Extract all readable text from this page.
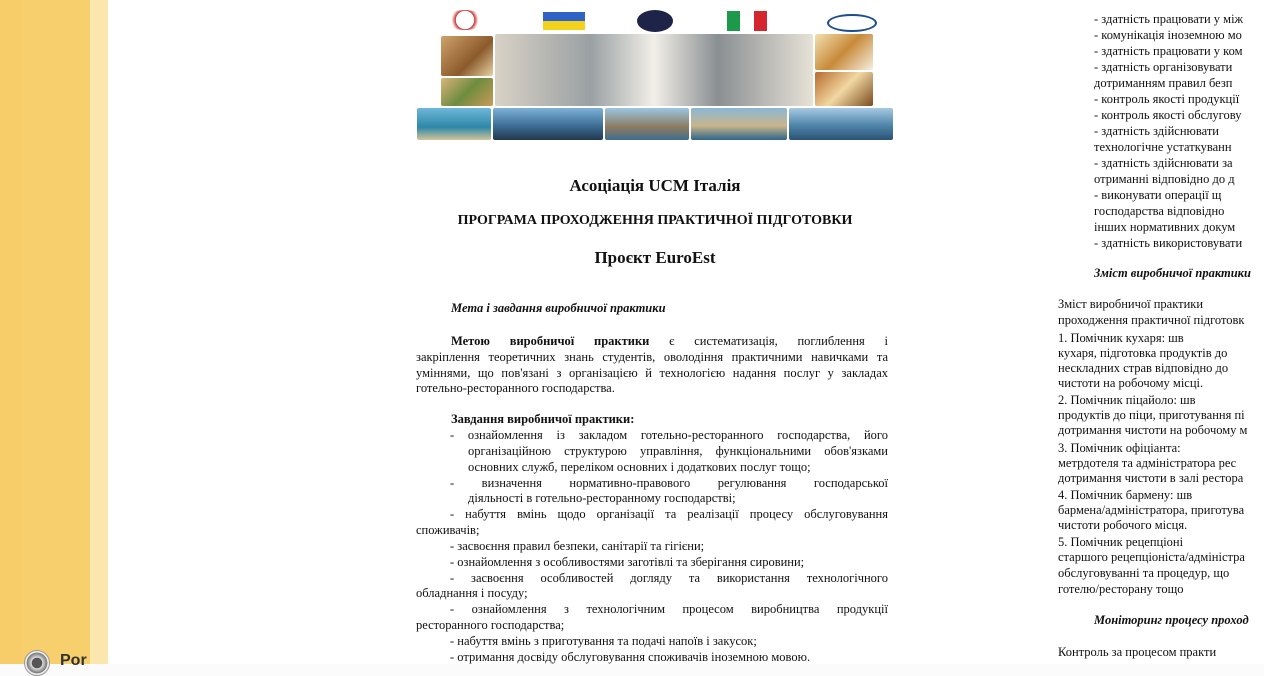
Асоціація UCM Італія
ПРОГРАМА ПРОХОДЖЕННЯ ПРАКТИЧНОЇ ПІДГОТОВКИ
Проєкт EuroEst
Мета і завдання виробничої практики
Метою виробничої практики є систематизація, поглиблення і
закріплення теоретичних знань студентів, оволодіння практичними навичками та
уміннями, що пов'язані з організацією й технологією надання послуг у закладах
готельно-ресторанного господарства.
Завдання виробничої практики:
- ознайомлення із закладом готельно-ресторанного господарства, його
організаційною структурою управління, функціональними обов'язками
основних служб, переліком основних і додаткових послуг тощо;
- визначення нормативно-правового регулювання господарської
діяльності в готельно-ресторанному господарстві;
- набуття вмінь щодо організації та реалізації процесу обслуговування
споживачів;
- засвоєння правил безпеки, санітарії та гігієни;
- ознайомлення з особливостями заготівлі та зберігання сировини;
- засвоєння особливостей догляду та використання технологічного
обладнання і посуду;
- ознайомлення з технологічним процесом виробництва продукції
ресторанного господарства;
- набуття вмінь з приготування та подачі напоїв і закусок;
- отримання досвіду обслуговування споживачів іноземною мовою.
- здатність працювати у між
- комунікація іноземною мо
- здатність працювати у ком
- здатність організовувати
дотриманням правил безп
- контроль якості продукції
- контроль якості обслугову
- здатність здійснювати
технологічне устаткуванн
- здатність здійснювати за
отриманні відповідно до д
- виконувати операції щ
господарства відповідно
інших нормативних докум
- здатність використовувати
Зміст виробничої практики
Зміст виробничої практики
проходження практичної підготовк
1. Помічник кухаря: шв
кухаря, підготовка продуктів до
нескладних страв відповідно до
чистоти на робочому місці.
2. Помічник піцайоло: шв
продуктів до піци, приготування пі
дотримання чистоти на робочому м
3. Помічник офіціанта:
метрдотеля та адміністратора рес
дотримання чистоти в залі рестора
4. Помічник бармену: шв
бармена/адміністратора, приготува
чистоти робочого місця.
5. Помічник рецепціоні
старшого рецепціоніста/адміністра
обслуговуванні та процедур, що
готелю/ресторану тощо
Моніторинг процесу проход
Контроль за процесом практи
Por
